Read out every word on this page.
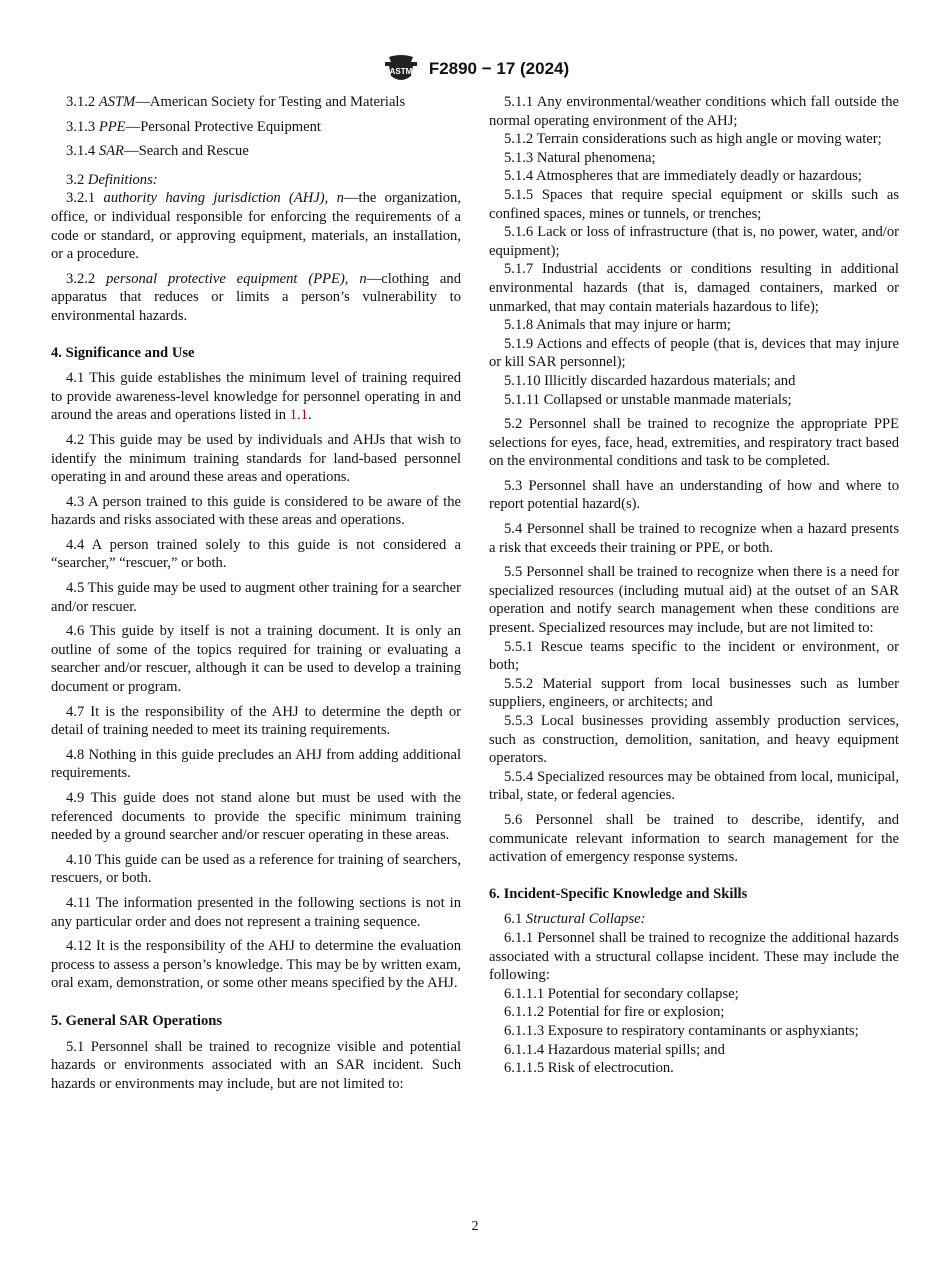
ASTM F2890 − 17 (2024)

3.1.2 ASTM—American Society for Testing and Materials

3.1.3 PPE—Personal Protective Equipment

3.1.4 SAR—Search and Rescue

3.2 Definitions:

3.2.1 authority having jurisdiction (AHJ), n—the organization, office, or individual responsible for enforcing the requirements of a code or standard, or approving equipment, materials, an installation, or a procedure.

3.2.2 personal protective equipment (PPE), n—clothing and apparatus that reduces or limits a person’s vulnerability to environmental hazards.

4. Significance and Use

4.1 This guide establishes the minimum level of training required to provide awareness-level knowledge for personnel operating in and around the areas and operations listed in 1.1.

4.2 This guide may be used by individuals and AHJs that wish to identify the minimum training standards for land-based personnel operating in and around these areas and operations.

4.3 A person trained to this guide is considered to be aware of the hazards and risks associated with these areas and operations.

4.4 A person trained solely to this guide is not considered a “searcher,” “rescuer,” or both.

4.5 This guide may be used to augment other training for a searcher and/or rescuer.

4.6 This guide by itself is not a training document. It is only an outline of some of the topics required for training or evaluating a searcher and/or rescuer, although it can be used to develop a training document or program.

4.7 It is the responsibility of the AHJ to determine the depth or detail of training needed to meet its training requirements.

4.8 Nothing in this guide precludes an AHJ from adding additional requirements.

4.9 This guide does not stand alone but must be used with the referenced documents to provide the specific minimum training needed by a ground searcher and/or rescuer operating in these areas.

4.10 This guide can be used as a reference for training of searchers, rescuers, or both.

4.11 The information presented in the following sections is not in any particular order and does not represent a training sequence.

4.12 It is the responsibility of the AHJ to determine the evaluation process to assess a person’s knowledge. This may be by written exam, oral exam, demonstration, or some other means specified by the AHJ.

5. General SAR Operations

5.1 Personnel shall be trained to recognize visible and potential hazards or environments associated with an SAR incident. Such hazards or environments may include, but are not limited to:

5.1.1 Any environmental/weather conditions which fall outside the normal operating environment of the AHJ;

5.1.2 Terrain considerations such as high angle or moving water;

5.1.3 Natural phenomena;

5.1.4 Atmospheres that are immediately deadly or hazardous;

5.1.5 Spaces that require special equipment or skills such as confined spaces, mines or tunnels, or trenches;

5.1.6 Lack or loss of infrastructure (that is, no power, water, and/or equipment);

5.1.7 Industrial accidents or conditions resulting in additional environmental hazards (that is, damaged containers, marked or unmarked, that may contain materials hazardous to life);

5.1.8 Animals that may injure or harm;

5.1.9 Actions and effects of people (that is, devices that may injure or kill SAR personnel);

5.1.10 Illicitly discarded hazardous materials; and

5.1.11 Collapsed or unstable manmade materials;

5.2 Personnel shall be trained to recognize the appropriate PPE selections for eyes, face, head, extremities, and respiratory tract based on the environmental conditions and task to be completed.

5.3 Personnel shall have an understanding of how and where to report potential hazard(s).

5.4 Personnel shall be trained to recognize when a hazard presents a risk that exceeds their training or PPE, or both.

5.5 Personnel shall be trained to recognize when there is a need for specialized resources (including mutual aid) at the outset of an SAR operation and notify search management when these conditions are present. Specialized resources may include, but are not limited to:

5.5.1 Rescue teams specific to the incident or environment, or both;

5.5.2 Material support from local businesses such as lumber suppliers, engineers, or architects; and

5.5.3 Local businesses providing assembly production services, such as construction, demolition, sanitation, and heavy equipment operators.

5.5.4 Specialized resources may be obtained from local, municipal, tribal, state, or federal agencies.

5.6 Personnel shall be trained to describe, identify, and communicate relevant information to search management for the activation of emergency response systems.

6. Incident-Specific Knowledge and Skills

6.1 Structural Collapse:

6.1.1 Personnel shall be trained to recognize the additional hazards associated with a structural collapse incident. These may include the following:

6.1.1.1 Potential for secondary collapse;

6.1.1.2 Potential for fire or explosion;

6.1.1.3 Exposure to respiratory contaminants or asphyxiants;

6.1.1.4 Hazardous material spills; and

6.1.1.5 Risk of electrocution.

2
